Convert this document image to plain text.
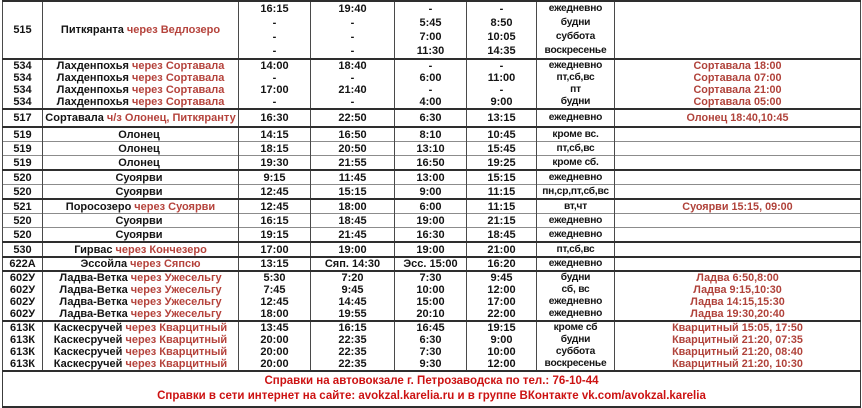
515	Питкяранта через Ведлозеро	16:15	19:40	-	-	ежедневно	
		-	-	5:45	8:50	будни	
		-	-	7:00	10:05	суббота	
		-	-	11:30	14:35	воскресенье	
534	Лахденпохья через Сортавала	14:00	18:40	-	-	ежедневно	Сортавала 18:00
534	Лахденпохья через Сортавала	-	-	6:00	11:00	пт,сб,вс	Сортавала 07:00
534	Лахденпохья через Сортавала	17:00	21:40	-	-	пт	Сортавала 21:00
534	Лахденпохья через Сортавала	-	-	4:00	9:00	будни	Сортавала 05:00
517	Сортавала ч/з Олонец, Питкяранту	16:30	22:50	6:30	13:15	ежедневно	Олонец 18:40,10:45
519	Олонец	14:15	16:50	8:10	10:45	кроме вс.	
519	Олонец	18:15	20:50	13:10	15:45	пт,сб,вс	
519	Олонец	19:30	21:55	16:50	19:25	кроме сб.	
520	Суоярви	9:15	11:45	13:00	15:15	ежедневно	
520	Суоярви	12:45	15:15	9:00	11:15	пн,ср,пт,сб,вс	
521	Поросозеро через Суоярви	12:45	18:00	6:00	11:15	вт,чт	Суоярви 15:15, 09:00
520	Суоярви	16:15	18:45	19:00	21:15	ежедневно	
520	Суоярви	19:15	21:45	16:30	18:45	ежедневно	
530	Гирвас через Кончезеро	17:00	19:00	19:00	21:00	пт,сб,вс	
622А	Эссойла через Сяпсю	13:15	Сяп. 14:30	Эсс. 15:00	16:20	ежедневно	
602У	Ладва-Ветка через Ужесельгу	5:30	7:20	7:30	9:45	будни	Ладва 6:50,8:00
602У	Ладва-Ветка через Ужесельгу	7:45	9:45	10:00	12:00	сб, вс	Ладва 9:15,10:30
602У	Ладва-Ветка через Ужесельгу	12:45	14:45	15:00	17:00	ежедневно	Ладва 14:15,15:30
602У	Ладва-Ветка через Ужесельгу	18:00	19:55	20:10	22:00	ежедневно	Ладва 19:30,20:40
613К	Каскесручей через Кварцитный	13:45	16:15	16:45	19:15	кроме сб	Кварцитный 15:05, 17:50
613К	Каскесручей через Кварцитный	20:00	22:35	6:30	9:00	будни	Кварцитный 21:20, 07:35
613К	Каскесручей через Кварцитный	20:00	22:35	7:30	10:00	суббота	Кварцитный 21:20, 08:40
613К	Каскесручей через Кварцитный	20:00	22:35	9:30	12:00	воскресенье	Кварцитный 21:20, 10:30
Справки на автовокзале г. Петрозаводска по тел.: 76-10-44							
Справки в сети интернет на сайте: avokzal.karelia.ru и в группе ВКонтакте vk.com/avokzal.karelia							
